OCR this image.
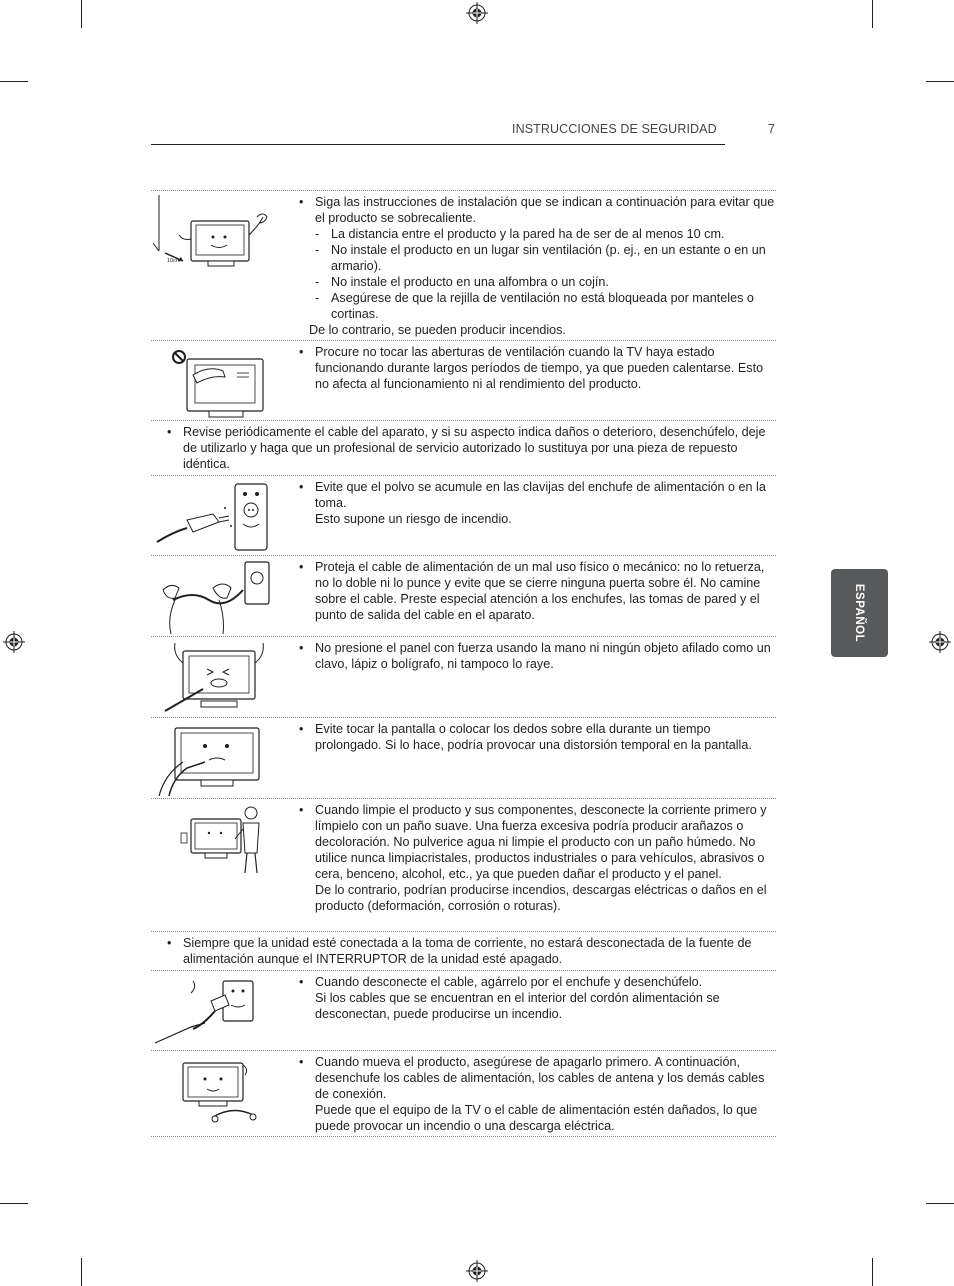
INSTRUCCIONES DE SEGURIDAD	7
ESPAÑOL
10cm
• Siga las instrucciones de instalación que se indican a continuación para evitar que el producto se sobrecaliente.
- La distancia entre el producto y la pared ha de ser de al menos 10 cm.
- No instale el producto en un lugar sin ventilación (p. ej., en un estante o en un armario).
- No instale el producto en una alfombra o un cojín.
- Asegúrese de que la rejilla de ventilación no está bloqueada por manteles o cortinas.
De lo contrario, se pueden producir incendios.
• Procure no tocar las aberturas de ventilación cuando la TV haya estado funcionando durante largos períodos de tiempo, ya que pueden calentarse. Esto no afecta al funcionamiento ni al rendimiento del producto.
• Revise periódicamente el cable del aparato, y si su aspecto indica daños o deterioro, desenchúfelo, deje de utilizarlo y haga que un profesional de servicio autorizado lo sustituya por una pieza de repuesto idéntica.
• Evite que el polvo se acumule en las clavijas del enchufe de alimentación o en la toma.
Esto supone un riesgo de incendio.
• Proteja el cable de alimentación de un mal uso físico o mecánico: no lo retuerza, no lo doble ni lo punce y evite que se cierre ninguna puerta sobre él. No camine sobre el cable. Preste especial atención a los enchufes, las tomas de pared y el punto de salida del cable en el aparato.
• No presione el panel con fuerza usando la mano ni ningún objeto afilado como un clavo, lápiz o bolígrafo, ni tampoco lo raye.
• Evite tocar la pantalla o colocar los dedos sobre ella durante un tiempo prolongado. Si lo hace, podría provocar una distorsión temporal en la pantalla.
• Cuando limpie el producto y sus componentes, desconecte la corriente primero y límpielo con un paño suave. Una fuerza excesiva podría producir arañazos o decoloración. No pulverice agua ni limpie el producto con un paño húmedo. No utilice nunca limpiacristales, productos industriales o para vehículos, abrasivos o cera, benceno, alcohol, etc., ya que pueden dañar el producto y el panel.
De lo contrario, podrían producirse incendios, descargas eléctricas o daños en el producto (deformación, corrosión o roturas).
• Siempre que la unidad esté conectada a la toma de corriente, no estará desconectada de la fuente de alimentación aunque el INTERRUPTOR de la unidad esté apagado.
• Cuando desconecte el cable, agárrelo por el enchufe y desenchúfelo.
Si los cables que se encuentran en el interior del cordón alimentación se desconectan, puede producirse un incendio.
• Cuando mueva el producto, asegúrese de apagarlo primero. A continuación, desenchufe los cables de alimentación, los cables de antena y los demás cables de conexión.
Puede que el equipo de la TV o el cable de alimentación estén dañados, lo que puede provocar un incendio o una descarga eléctrica.
